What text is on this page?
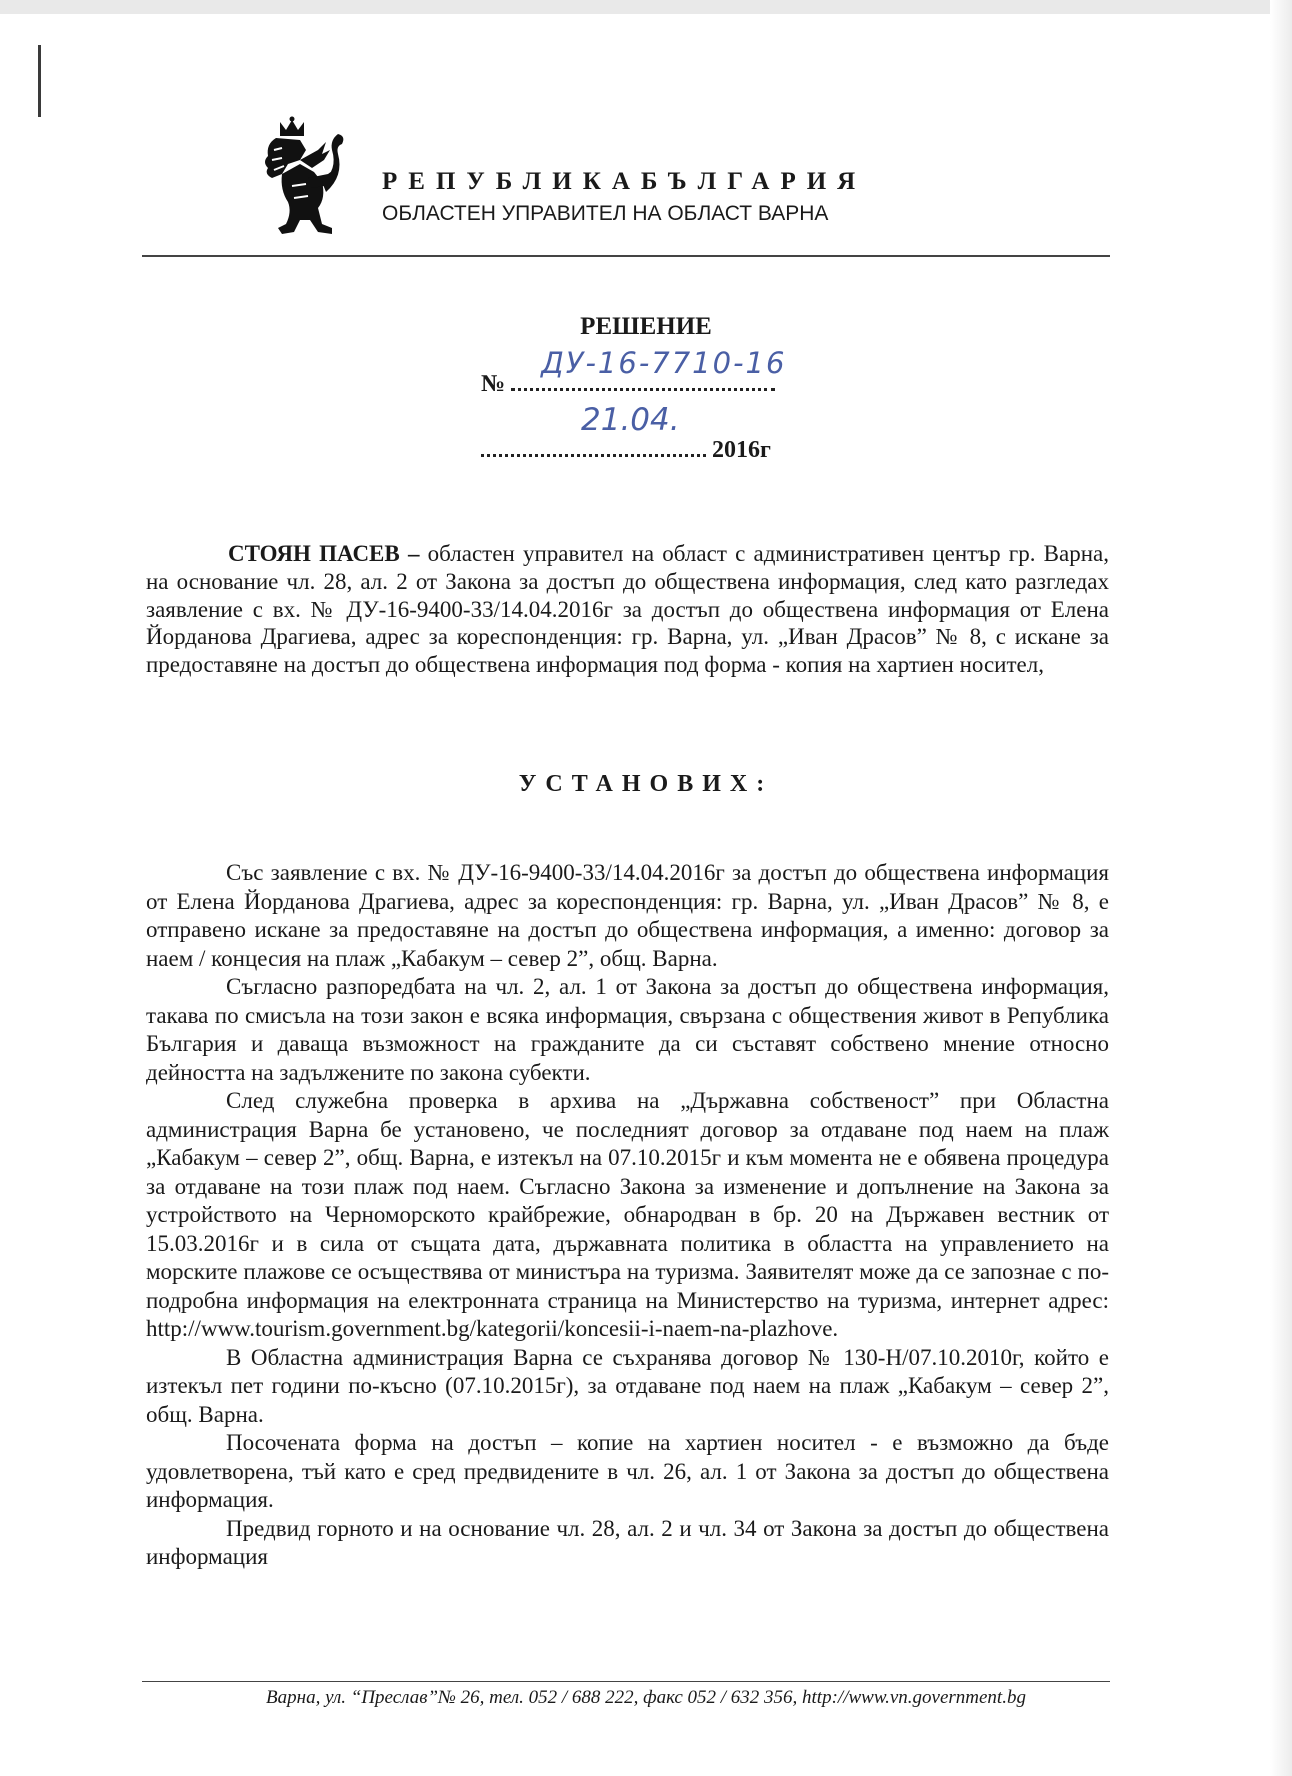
РЕПУБЛИКАБЪЛГАРИЯ
ОБЛАСТЕН УПРАВИТЕЛ НА ОБЛАСТ ВАРНА
РЕШЕНИЕ
№
ДУ-16-7710-16
21.04.
2016г
СТОЯН ПАСЕВ – областен управител на област с административен център гр. Варна, на основание чл. 28, ал. 2 от Закона за достъп до обществена информация, след като разгледах заявление с вх. № ДУ-16-9400-33/14.04.2016г за достъп до обществена информация от Елена Йорданова Драгиева, адрес за кореспонденция: гр. Варна, ул. „Иван Драсов” № 8, с искане за предоставяне на достъп до обществена информация под форма - копия на хартиен носител,
УСТАНОВИХ:

Със заявление с вх. № ДУ-16-9400-33/14.04.2016г за достъп до обществена информация от Елена Йорданова Драгиева, адрес за кореспонденция: гр. Варна, ул. „Иван Драсов” № 8, е отправено искане за предоставяне на достъп до обществена информация, а именно: договор за наем / концесия на плаж „Кабакум – север 2”, общ. Варна.

Съгласно разпоредбата на чл. 2, ал. 1 от Закона за достъп до обществена информация, такава по смисъла на този закон е всяка информация, свързана с обществения живот в Република България и даваща възможност на гражданите да си съставят собствено мнение относно дейността на задължените по закона субекти.

След служебна проверка в архива на „Държавна собственост” при Областна администрация Варна бе установено, че последният договор за отдаване под наем на плаж „Кабакум – север 2”, общ. Варна, е изтекъл на 07.10.2015г и към момента не е обявена процедура за отдаване на този плаж под наем. Съгласно Закона за изменение и допълнение на Закона за устройството на Черноморското крайбрежие, обнародван в бр. 20 на Държавен вестник от 15.03.2016г и в сила от същата дата, държавната политика в областта на управлението на морските плажове се осъществява от министъра на туризма. Заявителят може да се запознае с по-подробна информация на електронната страница на Министерство на туризма, интернет адрес:

http://www.tourism.government.bg/kategorii/koncesii-i-naem-na-plazhove.

В Областна администрация Варна се съхранява договор № 130-Н/07.10.2010г, който е изтекъл пет години по-късно (07.10.2015г), за отдаване под наем на плаж „Кабакум – север 2”, общ. Варна.

Посочената форма на достъп – копие на хартиен носител - е възможно да бъде удовлетворена, тъй като е сред предвидените в чл. 26, ал. 1 от Закона за достъп до обществена информация.

Предвид горното и на основание чл. 28, ал. 2 и чл. 34 от Закона за достъп до обществена информация

Варна, ул. “Преслав”№ 26, тел. 052 / 688 222, факс 052 / 632 356, http://www.vn.government.bg
